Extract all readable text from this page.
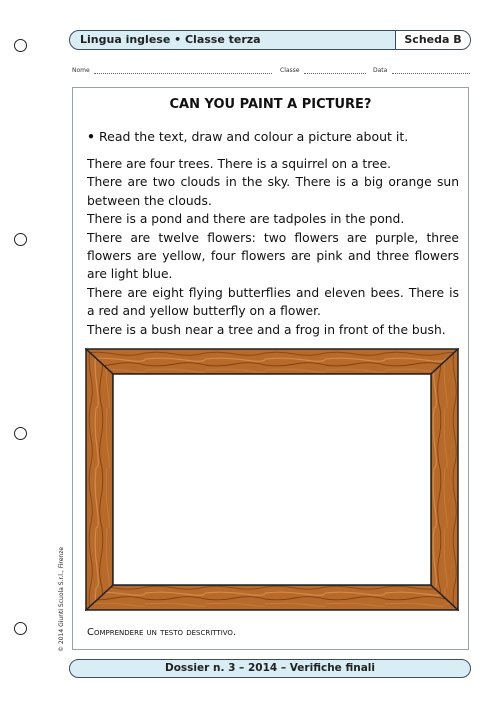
Lingua inglese • Classe terza	Scheda B
Nome	Classe	Data
CAN YOU PAINT A PICTURE?
• Read the text, draw and colour a picture about it.

There are four trees. There is a squirrel on a tree.

There are two clouds in the sky. There is a big orange sun between the clouds.

There is a pond and there are tadpoles in the pond.

There are twelve flowers: two flowers are purple, three flowers are yellow, four flowers are pink and three flowers are light blue.

There are eight flying butterflies and eleven bees. There is a red and yellow butterfly on a flower.

There is a bush near a tree and a frog in front of the bush.

Comprendere un testo descrittivo.
© 2014 Giunti Scuola S.r.l., Firenze
Dossier n. 3 – 2014 – Verifiche finali
